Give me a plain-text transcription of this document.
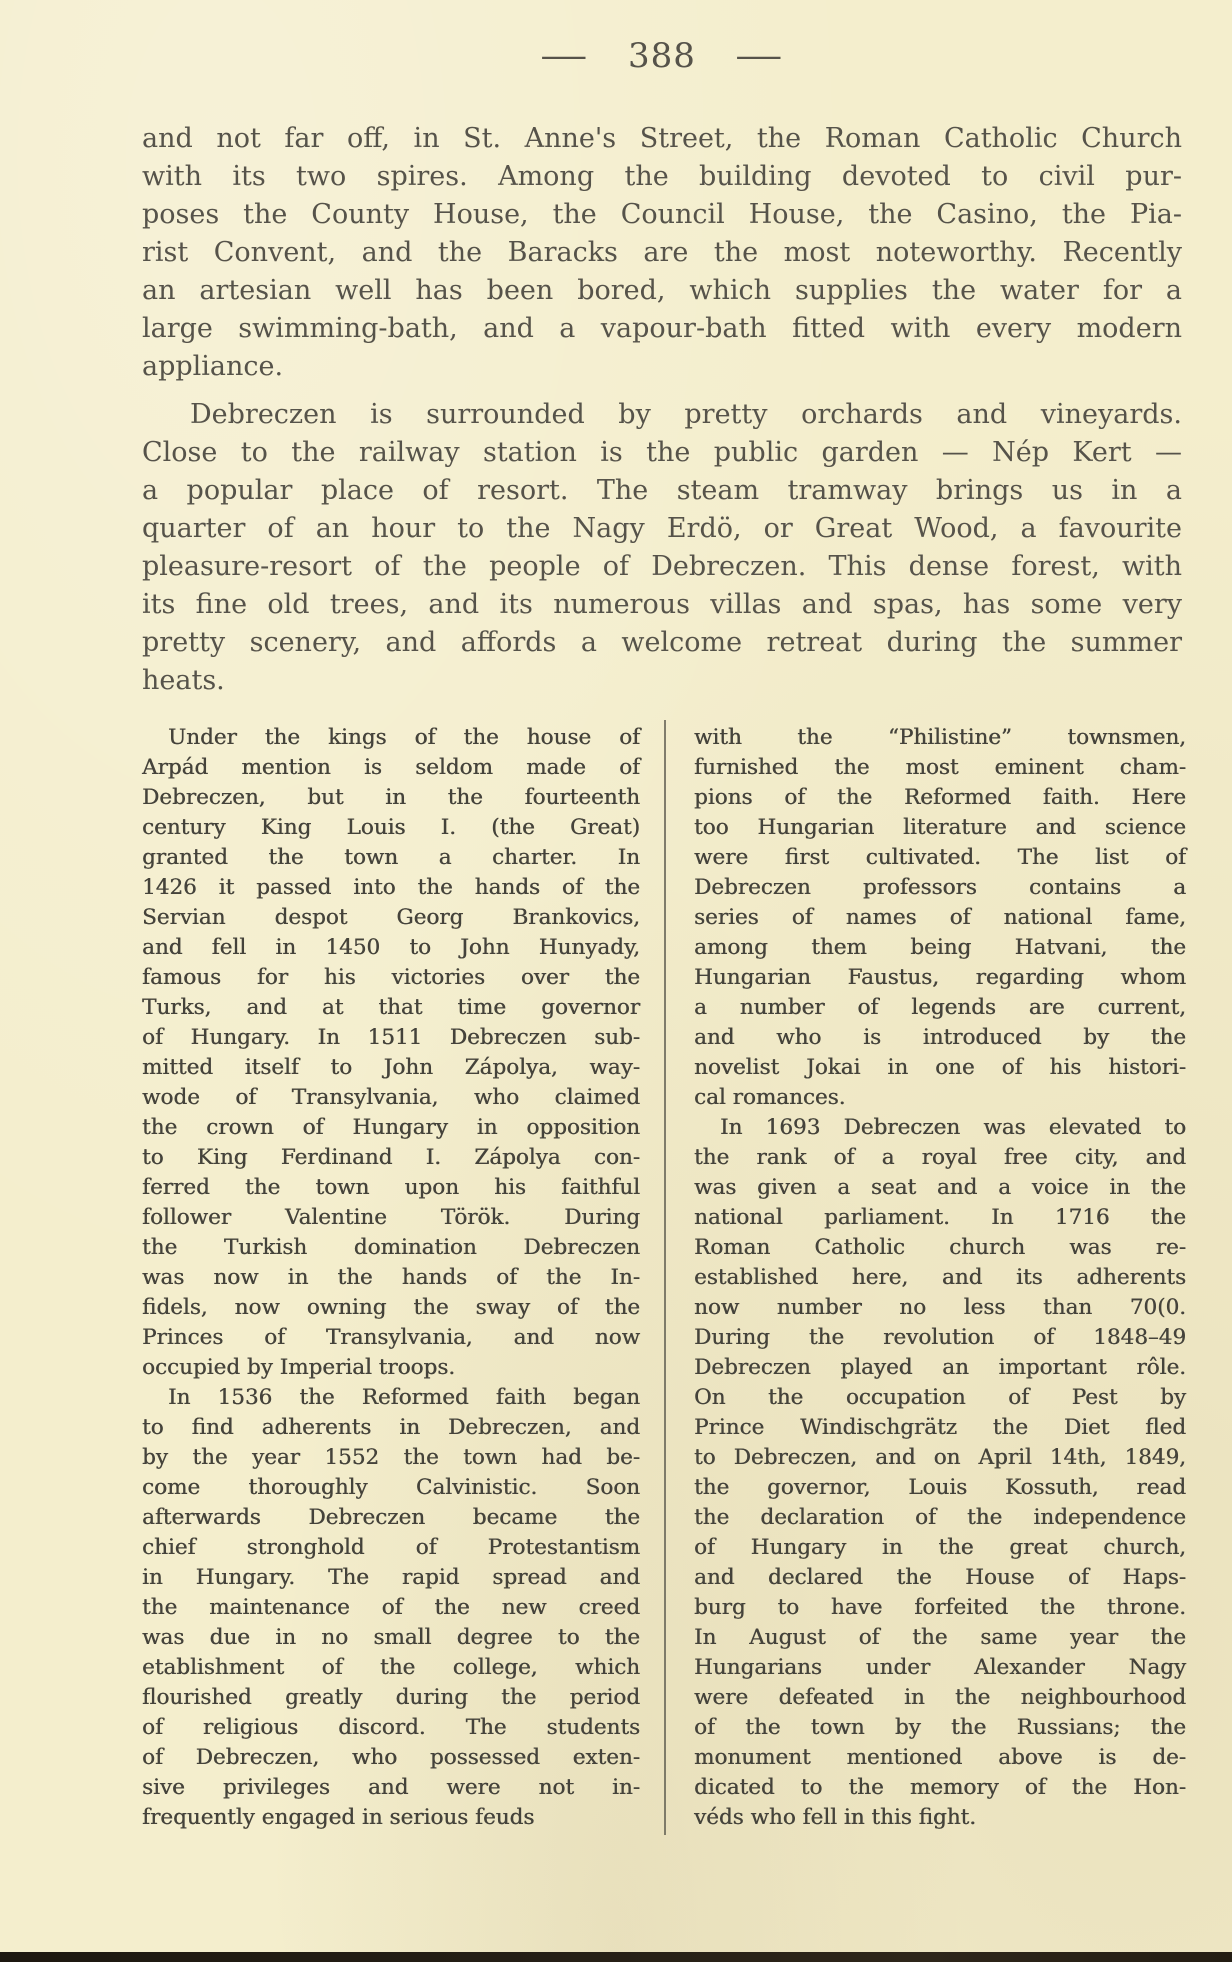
— 388 —
and not far off, in St. Anne's Street, the Roman Catholic Church
with its two spires. Among the building devoted to civil pur-
poses the County House, the Council House, the Casino, the Pia-
rist Convent, and the Baracks are the most noteworthy. Recently
an artesian well has been bored, which supplies the water for a
large swimming-bath, and a vapour-bath fitted with every modern
appliance.
Debreczen is surrounded by pretty orchards and vineyards.
Close to the railway station is the public garden — Nép Kert —
a popular place of resort. The steam tramway brings us in a
quarter of an hour to the Nagy Erdö, or Great Wood, a favourite
pleasure-resort of the people of Debreczen. This dense forest, with
its fine old trees, and its numerous villas and spas, has some very
pretty scenery, and affords a welcome retreat during the summer
heats.
Under the kings of the house of
Arpád mention is seldom made of
Debreczen, but in the fourteenth
century King Louis I. (the Great)
granted the town a charter. In
1426 it passed into the hands of the
Servian despot Georg Brankovics,
and fell in 1450 to John Hunyady,
famous for his victories over the
Turks, and at that time governor
of Hungary. In 1511 Debreczen sub-
mitted itself to John Zápolya, way-
wode of Transylvania, who claimed
the crown of Hungary in opposition
to King Ferdinand I. Zápolya con-
ferred the town upon his faithful
follower Valentine Török. During
the Turkish domination Debreczen
was now in the hands of the In-
fidels, now owning the sway of the
Princes of Transylvania, and now
occupied by Imperial troops.
In 1536 the Reformed faith began
to find adherents in Debreczen, and
by the year 1552 the town had be-
come thoroughly Calvinistic. Soon
afterwards Debreczen became the
chief stronghold of Protestantism
in Hungary. The rapid spread and
the maintenance of the new creed
was due in no small degree to the
etablishment of the college, which
flourished greatly during the period
of religious discord. The students
of Debreczen, who possessed exten-
sive privileges and were not in-
frequently engaged in serious feuds
with the “Philistine” townsmen,
furnished the most eminent cham-
pions of the Reformed faith. Here
too Hungarian literature and science
were first cultivated. The list of
Debreczen professors contains a
series of names of national fame,
among them being Hatvani, the
Hungarian Faustus, regarding whom
a number of legends are current,
and who is introduced by the
novelist Jokai in one of his histori-
cal romances.
In 1693 Debreczen was elevated to
the rank of a royal free city, and
was given a seat and a voice in the
national parliament. In 1716 the
Roman Catholic church was re-
established here, and its adherents
now number no less than 70(0.
During the revolution of 1848–49
Debreczen played an important rôle.
On the occupation of Pest by
Prince Windischgrätz the Diet fled
to Debreczen, and on April 14th, 1849,
the governor, Louis Kossuth, read
the declaration of the independence
of Hungary in the great church,
and declared the House of Haps-
burg to have forfeited the throne.
In August of the same year the
Hungarians under Alexander Nagy
were defeated in the neighbourhood
of the town by the Russians; the
monument mentioned above is de-
dicated to the memory of the Hon-
véds who fell in this fight.
